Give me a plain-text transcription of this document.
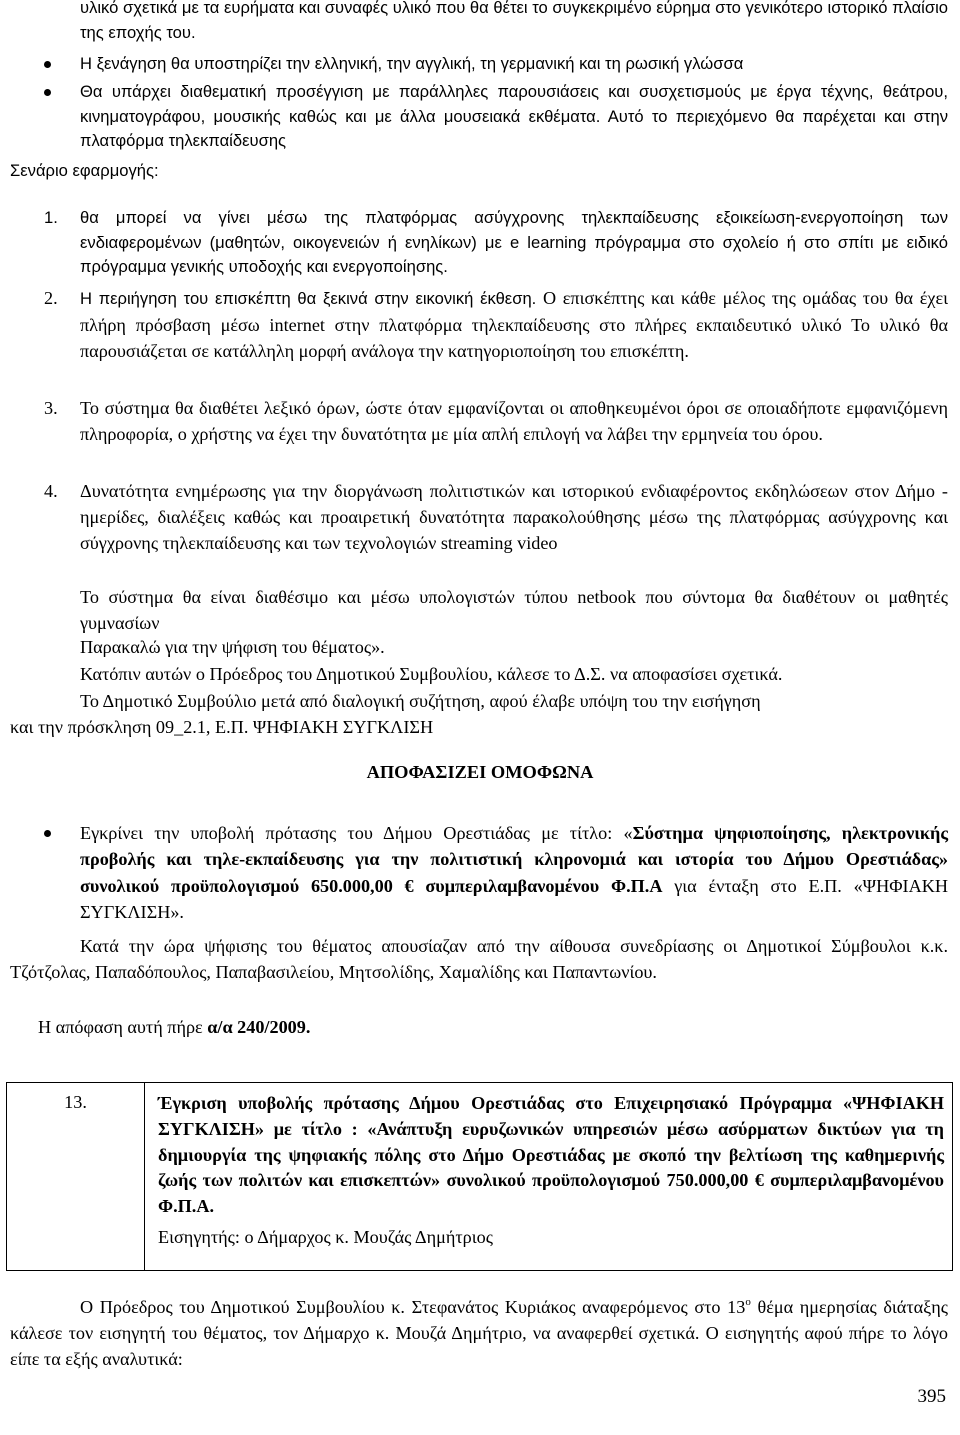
υλικό σχετικά με τα ευρήματα και συναφές υλικό που θα θέτει το συγκεκριμένο εύρημα στο γενικότερο ιστορικό πλαίσιο της εποχής του.

Η ξενάγηση θα υποστηρίζει την ελληνική, την αγγλική, τη γερμανική και τη ρωσική γλώσσα

Θα υπάρχει διαθεματική προσέγγιση με παράλληλες παρουσιάσεις και συσχετισμούς με έργα τέχνης, θεάτρου, κινηματογράφου, μουσικής καθώς και με άλλα μουσειακά εκθέματα. Αυτό το περιεχόμενο θα παρέχεται και στην πλατφόρμα τηλεκπαίδευσης

Σενάριο εφαρμογής:

1. θα μπορεί να γίνει μέσω της πλατφόρμας ασύγχρονης τηλεκπαίδευσης εξοικείωση-ενεργοποίηση των ενδιαφερομένων (μαθητών, οικογενειών ή ενηλίκων) με e learning πρόγραμμα στο σχολείο ή στο σπίτι με ειδικό πρόγραμμα γενικής υποδοχής και ενεργοποίησης.

2. Η περιήγηση του επισκέπτη θα ξεκινά στην εικονική έκθεση. Ο επισκέπτης και κάθε μέλος της ομάδας του θα έχει πλήρη πρόσβαση μέσω internet στην πλατφόρμα τηλεκπαίδευσης στο πλήρες εκπαιδευτικό υλικό Το υλικό θα παρουσιάζεται σε κατάλληλη μορφή ανάλογα την κατηγοριοποίηση του επισκέπτη.

3. Το σύστημα θα διαθέτει λεξικό όρων, ώστε όταν εμφανίζονται οι αποθηκευμένοι όροι σε οποιαδήποτε εμφανιζόμενη πληροφορία, ο χρήστης να έχει την δυνατότητα με μία απλή επιλογή να λάβει την ερμηνεία του όρου.

4. Δυνατότητα ενημέρωσης για την διοργάνωση πολιτιστικών και ιστορικού ενδιαφέροντος εκδηλώσεων στον Δήμο - ημερίδες, διαλέξεις καθώς και προαιρετική δυνατότητα παρακολούθησης μέσω της πλατφόρμας ασύγχρονης και σύγχρονης τηλεκπαίδευσης και των τεχνολογιών streaming video

Το σύστημα θα είναι διαθέσιμο και μέσω υπολογιστών τύπου netbook που σύντομα θα διαθέτουν οι μαθητές γυμνασίων

Παρακαλώ για την ψήφιση του θέματος».

Κατόπιν αυτών ο Πρόεδρος του Δημοτικού Συμβουλίου, κάλεσε το Δ.Σ. να αποφασίσει σχετικά.

Το Δημοτικό Συμβούλιο μετά από διαλογική συζήτηση, αφού έλαβε υπόψη του την εισήγηση

και την πρόσκληση 09_2.1, Ε.Π. ΨΗΦΙΑΚΗ ΣΥΓΚΛΙΣΗ

ΑΠΟΦΑΣΙΖΕΙ ΟΜΟΦΩΝΑ

Εγκρίνει την υποβολή πρότασης του Δήμου Ορεστιάδας με τίτλο: «Σύστημα ψηφιοποίησης, ηλεκτρονικής προβολής και τηλε-εκπαίδευσης για την πολιτιστική κληρονομιά και ιστορία του Δήμου Ορεστιάδας» συνολικού προϋπολογισμού 650.000,00 € συμπεριλαμβανομένου Φ.Π.Α για ένταξη στο Ε.Π. «ΨΗΦΙΑΚΗ ΣΥΓΚΛΙΣΗ».

Κατά την ώρα ψήφισης του θέματος απουσίαζαν από την αίθουσα συνεδρίασης οι Δημοτικοί Σύμβουλοι κ.κ. Τζότζολας, Παπαδόπουλος, Παπαβασιλείου, Μητσολίδης, Χαμαλίδης και Παπαντωνίου.

Η απόφαση αυτή πήρε α/α 240/2009.

13.	Έγκριση υποβολής πρότασης Δήμου Ορεστιάδας στο Επιχειρησιακό Πρόγραμμα «ΨΗΦΙΑΚΗ ΣΥΓΚΛΙΣΗ» με τίτλο : «Ανάπτυξη ευρυζωνικών υπηρεσιών μέσω ασύρματων δικτύων για τη δημιουργία της ψηφιακής πόλης στο Δήμο Ορεστιάδας με σκοπό την βελτίωση της καθημερινής ζωής των πολιτών και επισκεπτών» συνολικού προϋπολογισμού 750.000,00 € συμπεριλαμβανομένου Φ.Π.Α.
Εισηγητής: ο Δήμαρχος κ. Μουζάς Δημήτριος

Ο Πρόεδρος του Δημοτικού Συμβουλίου κ. Στεφανάτος Κυριάκος αναφερόμενος στο $13^o$ θέμα ημερησίας διάταξης κάλεσε τον εισηγητή του θέματος, τον Δήμαρχο κ. Μουζά Δημήτριο, να αναφερθεί σχετικά. Ο εισηγητής αφού πήρε το λόγο είπε τα εξής αναλυτικά:

395
